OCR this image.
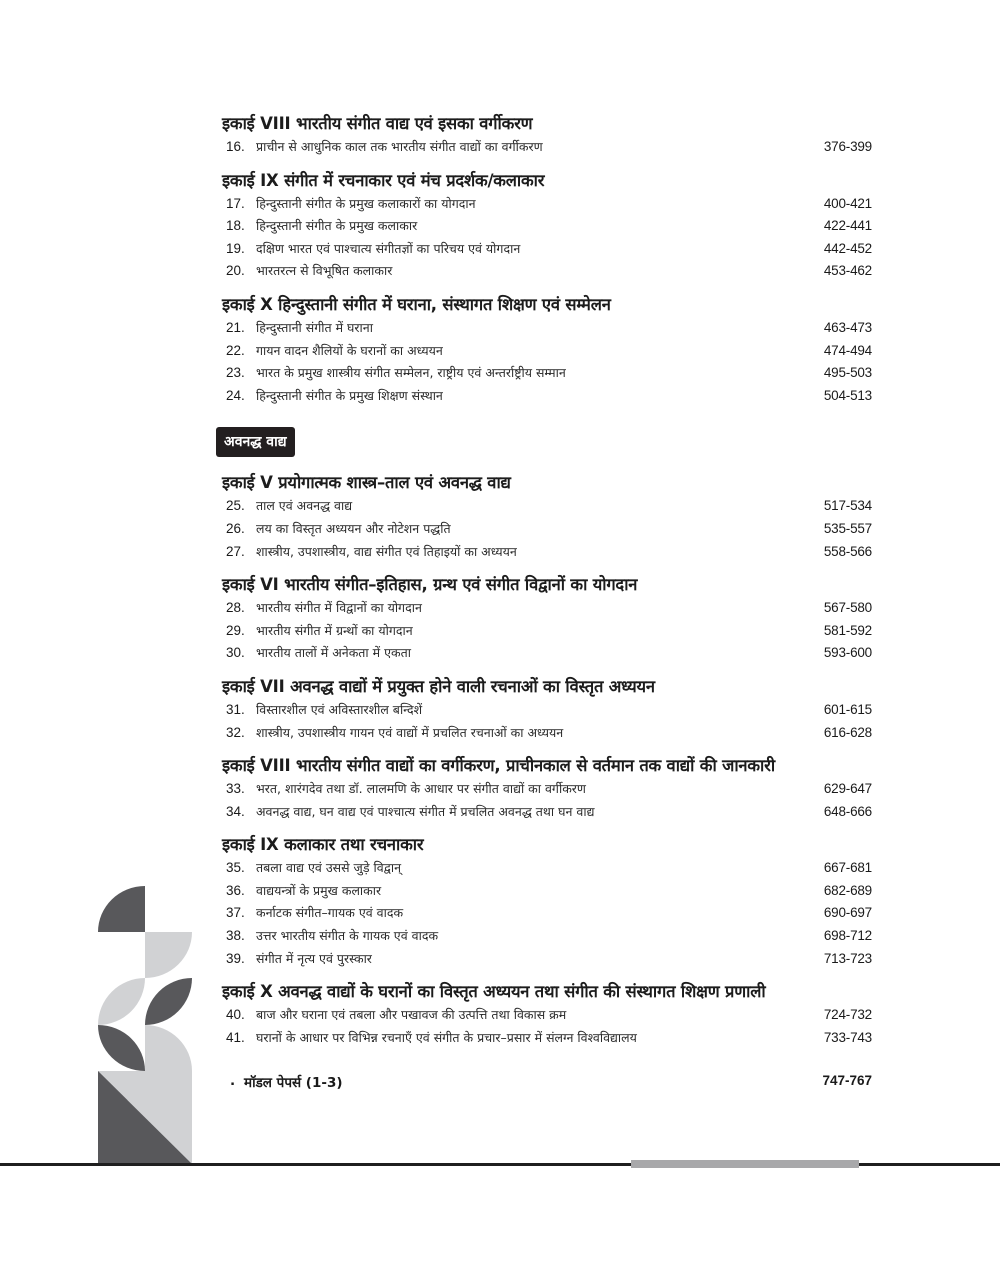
इकाई VIII भारतीय संगीत वाद्य एवं इसका वर्गीकरण
16. प्राचीन से आधुनिक काल तक भारतीय संगीत वाद्यों का वर्गीकरण	376-399
इकाई IX संगीत में रचनाकार एवं मंच प्रदर्शक/कलाकार
17. हिन्दुस्तानी संगीत के प्रमुख कलाकारों का योगदान	400-421
18. हिन्दुस्तानी संगीत के प्रमुख कलाकार	422-441
19. दक्षिण भारत एवं पाश्चात्य संगीतज्ञों का परिचय एवं योगदान	442-452
20. भारतरत्न से विभूषित कलाकार	453-462
इकाई X हिन्दुस्तानी संगीत में घराना, संस्थागत शिक्षण एवं सम्मेलन
21. हिन्दुस्तानी संगीत में घराना	463-473
22. गायन वादन शैलियों के घरानों का अध्ययन	474-494
23. भारत के प्रमुख शास्त्रीय संगीत सम्मेलन, राष्ट्रीय एवं अन्तर्राष्ट्रीय सम्मान	495-503
24. हिन्दुस्तानी संगीत के प्रमुख शिक्षण संस्थान	504-513
अवनद्ध वाद्य
इकाई V प्रयोगात्मक शास्त्र–ताल एवं अवनद्ध वाद्य
25. ताल एवं अवनद्ध वाद्य	517-534
26. लय का विस्तृत अध्ययन और नोटेशन पद्धति	535-557
27. शास्त्रीय, उपशास्त्रीय, वाद्य संगीत एवं तिहाइयों का अध्ययन	558-566
इकाई VI भारतीय संगीत–इतिहास, ग्रन्थ एवं संगीत विद्वानों का योगदान
28. भारतीय संगीत में विद्वानों का योगदान	567-580
29. भारतीय संगीत में ग्रन्थों का योगदान	581-592
30. भारतीय तालों में अनेकता में एकता	593-600
इकाई VII अवनद्ध वाद्यों में प्रयुक्त होने वाली रचनाओं का विस्तृत अध्ययन
31. विस्तारशील एवं अविस्तारशील बन्दिशें	601-615
32. शास्त्रीय, उपशास्त्रीय गायन एवं वाद्यों में प्रचलित रचनाओं का अध्ययन	616-628
इकाई VIII भारतीय संगीत वाद्यों का वर्गीकरण, प्राचीनकाल से वर्तमान तक वाद्यों की जानकारी
33. भरत, शारंगदेव तथा डॉ. लालमणि के आधार पर संगीत वाद्यों का वर्गीकरण	629-647
34. अवनद्ध वाद्य, घन वाद्य एवं पाश्चात्य संगीत में प्रचलित अवनद्ध तथा घन वाद्य	648-666
इकाई IX कलाकार तथा रचनाकार
35. तबला वाद्य एवं उससे जुड़े विद्वान्	667-681
36. वाद्ययन्त्रों के प्रमुख कलाकार	682-689
37. कर्नाटक संगीत–गायक एवं वादक	690-697
38. उत्तर भारतीय संगीत के गायक एवं वादक	698-712
39. संगीत में नृत्य एवं पुरस्कार	713-723
इकाई X अवनद्ध वाद्यों के घरानों का विस्तृत अध्ययन तथा संगीत की संस्थागत शिक्षण प्रणाली
40. बाज और घराना एवं तबला और पखावज की उत्पत्ति तथा विकास क्रम	724-732
41. घरानों के आधार पर विभिन्न रचनाएँ एवं संगीत के प्रचार–प्रसार में संलग्न विश्वविद्यालय	733-743
. मॉडल पेपर्स (1-3)	747-767
